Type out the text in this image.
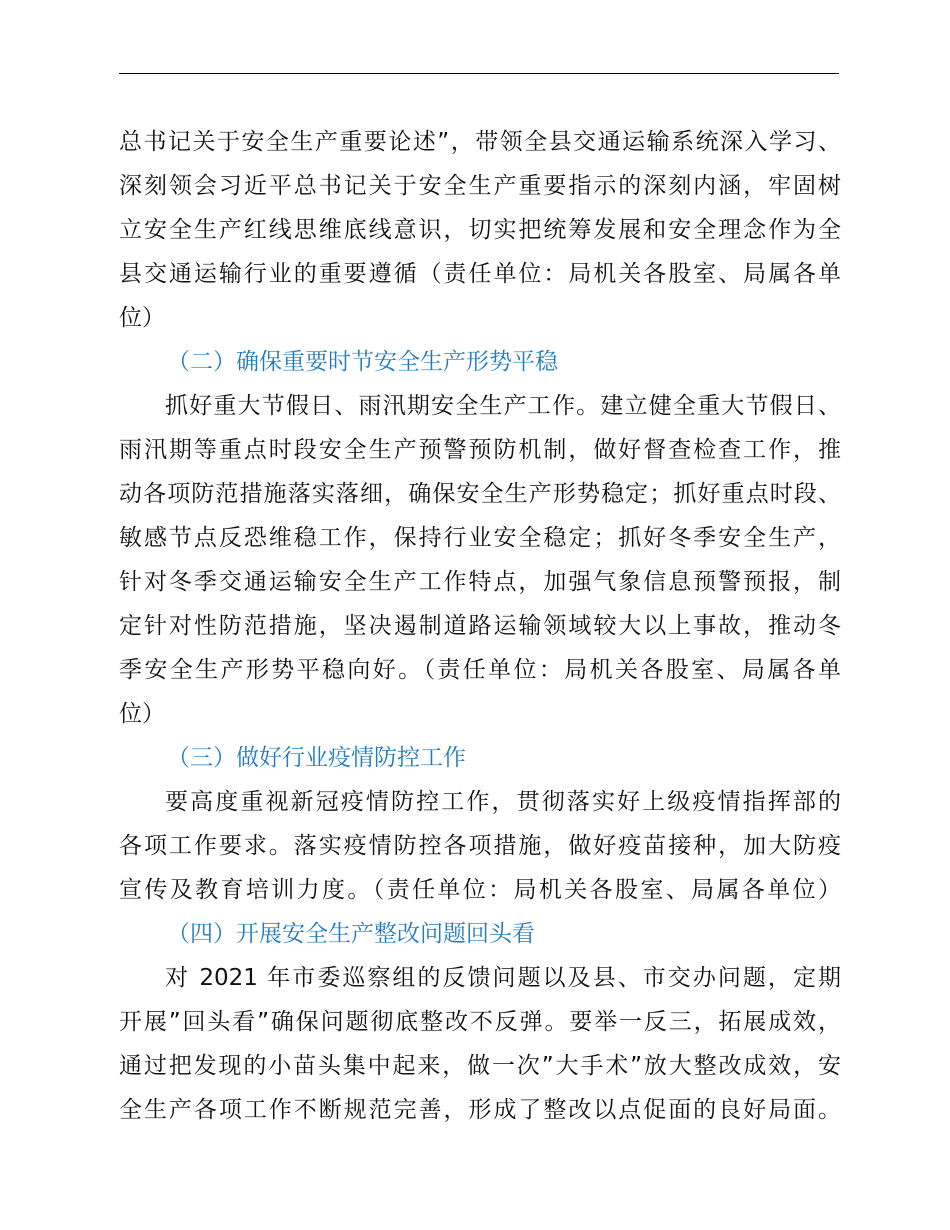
总书记关于安全生产重要论述”，带领全县交通运输系统深入学习、
深刻领会习近平总书记关于安全生产重要指示的深刻内涵，牢固树
立安全生产红线思维底线意识，切实把统筹发展和安全理念作为全
县交通运输行业的重要遵循（责任单位：局机关各股室、局属各单
位）
（二）确保重要时节安全生产形势平稳
抓好重大节假日、雨汛期安全生产工作。建立健全重大节假日、
雨汛期等重点时段安全生产预警预防机制，做好督查检查工作，推
动各项防范措施落实落细，确保安全生产形势稳定；抓好重点时段、
敏感节点反恐维稳工作，保持行业安全稳定；抓好冬季安全生产，
针对冬季交通运输安全生产工作特点，加强气象信息预警预报，制
定针对性防范措施，坚决遏制道路运输领域较大以上事故，推动冬
季安全生产形势平稳向好。（责任单位：局机关各股室、局属各单
位）
（三）做好行业疫情防控工作
要高度重视新冠疫情防控工作，贯彻落实好上级疫情指挥部的
各项工作要求。落实疫情防控各项措施，做好疫苗接种，加大防疫
宣传及教育培训力度。（责任单位：局机关各股室、局属各单位）
（四）开展安全生产整改问题回头看
对 2021 年市委巡察组的反馈问题以及县、市交办问题，定期
开展”回头看”确保问题彻底整改不反弹。要举一反三，拓展成效，
通过把发现的小苗头集中起来，做一次”大手术”放大整改成效，安
全生产各项工作不断规范完善，形成了整改以点促面的良好局面。
